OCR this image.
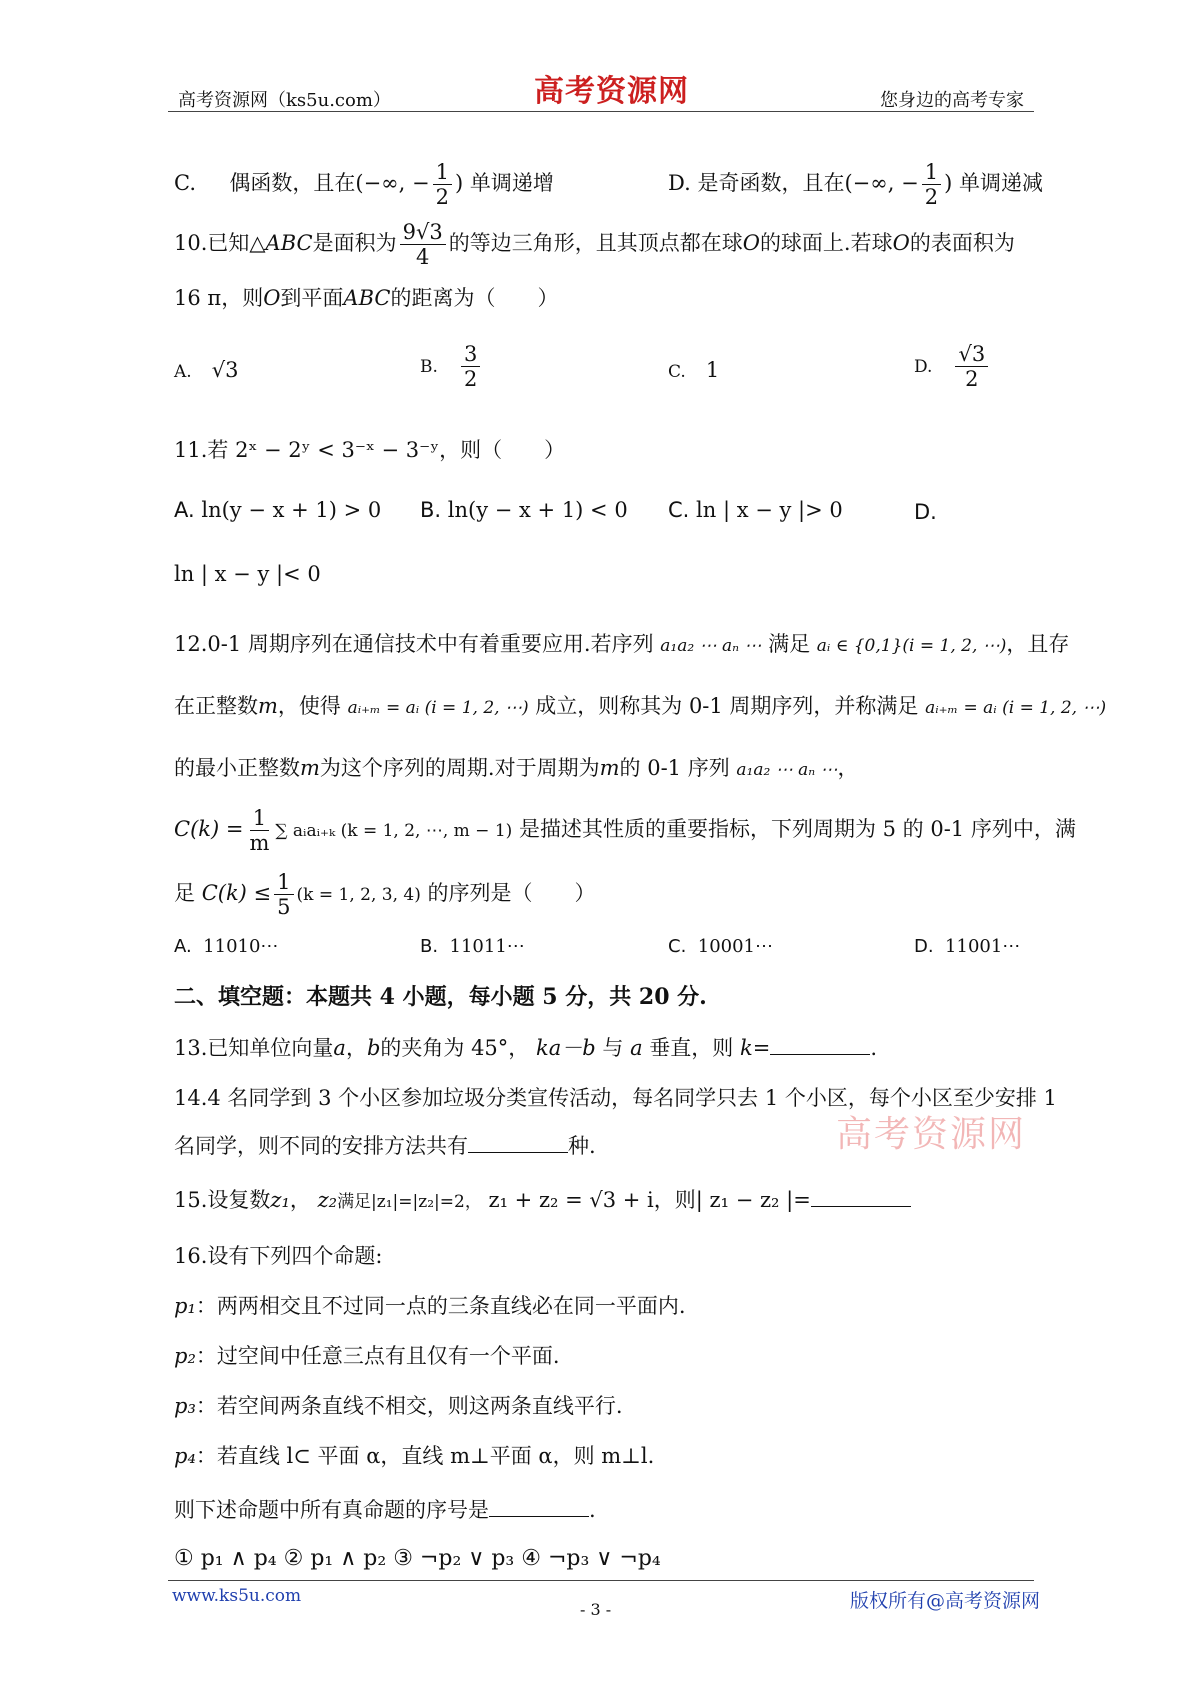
高考资源网（ks5u.com）	高考资源网	您身边的高考专家
C. 偶函数，且在(−∞, − $\frac{1}{2}$ ) 单调递增	D. 是奇函数，且在(−∞, − $\frac{1}{2}$ ) 单调递减
10.已知△ABC是面积为 $\frac{9√3}{4}$ 的等边三角形，且其顶点都在球O的球面上.若球O的表面积为
16 π，则O到平面ABC的距离为（　　）
A. √3	B. $\frac{3}{2}$	C. 1	D. $\frac{√3}{2}$
11.若 2ˣ − 2ʸ < 3⁻ˣ − 3⁻ʸ，则（　　）
A. ln(y − x + 1) > 0 B. ln(y − x + 1) < 0 C. ln | x − y |> 0	D.
ln | x − y |< 0
12.0-1 周期序列在通信技术中有着重要应用.若序列 a₁a₂ ⋯ aₙ ⋯ 满足 aᵢ ∈ {0,1}(i = 1, 2, ⋯)，且存
在正整数m，使得 aᵢ₊ₘ = aᵢ (i = 1, 2, ⋯) 成立，则称其为 0-1 周期序列，并称满足 aᵢ₊ₘ = aᵢ (i = 1, 2, ⋯)
的最小正整数m为这个序列的周期.对于周期为m的 0-1 序列 a₁a₂ ⋯ aₙ ⋯，
$C(k) = \frac{1}{m}$ ∑ aᵢaᵢ₊ₖ (k = 1, 2, ⋯, m − 1) 是描述其性质的重要指标，下列周期为 5 的 0-1 序列中，满
足 $C(k) \le \frac{1}{5} (k = 1$, 2, 3, 4) 的序列是（　　）
A. 11010⋯	B. 11011⋯	C. 10001⋯	D. 11001⋯
二、填空题：本题共 4 小题，每小题 5 分，共 20 分.
13.已知单位向量a，b的夹角为 45°， ka－b 与 a 垂直，则 k=	.
14.4 名同学到 3 个小区参加垃圾分类宣传活动，每名同学只去 1 个小区，每个小区至少安排 1
名同学，则不同的安排方法共有	种.	高考资源网
15.设复数z₁， z₂满足|z₁|=|z₂|=2， z₁ + z₂ = √3 + i，则| z₁ − z₂ |=
16.设有下列四个命题:
p₁：两两相交且不过同一点的三条直线必在同一平面内.
p₂：过空间中任意三点有且仅有一个平面.
p₃：若空间两条直线不相交，则这两条直线平行.
p₄：若直线 l⊂ 平面 α，直线 m⊥平面 α，则 m⊥l.
则下述命题中所有真命题的序号是	.
① p₁ ∧ p₄ ② p₁ ∧ p₂ ③ ¬p₂ ∨ p₃ ④ ¬p₃ ∨ ¬p₄
www.ks5u.com
- 3 -	版权所有@高考资源网
